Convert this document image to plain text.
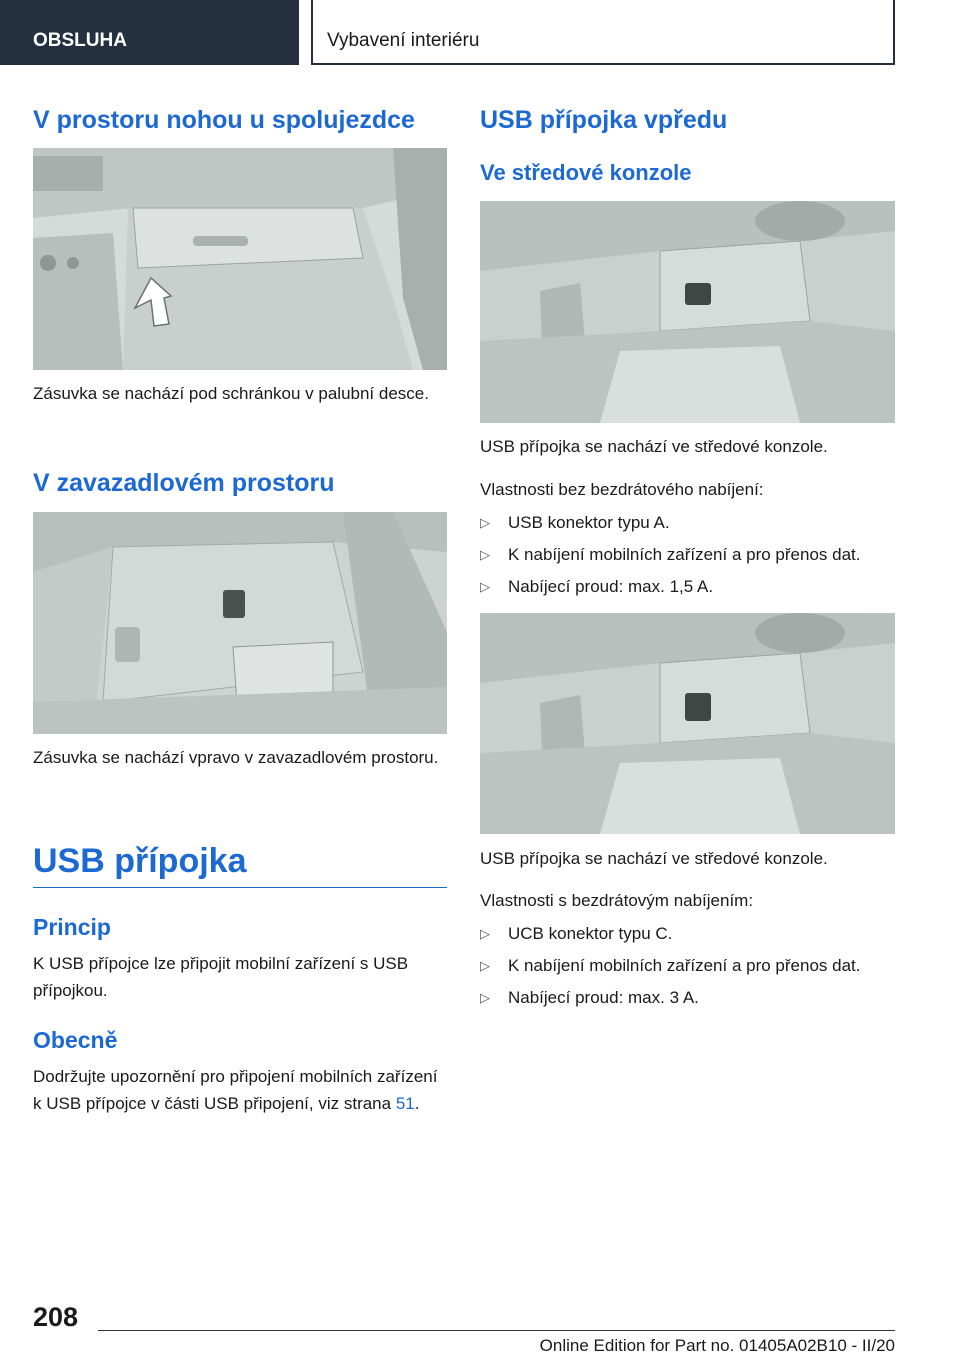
OBSLUHA	Vybavení interiéru
V prostoru nohou u spolujezdce

Zásuvka se nachází pod schránkou v palubní desce.

V zavazadlovém prostoru

Zásuvka se nachází vpravo v zavazadlovém prostoru.

USB přípojka
Princip

K USB přípojce lze připojit mobilní zařízení s USB přípojkou.

Obecně

Dodržujte upozornění pro připojení mobilních zařízení k USB přípojce v části USB připojení, viz strana 51.

USB přípojka vpředu
Ve středové konzole

USB přípojka se nachází ve středové konzole.

Vlastnosti bez bezdrátového nabíjení:

▷ USB konektor typu A.
▷ K nabíjení mobilních zařízení a pro přenos dat.
▷ Nabíjecí proud: max. 1,5 A.

USB přípojka se nachází ve středové konzole.

Vlastnosti s bezdrátovým nabíjením:

▷ UCB konektor typu C.
▷ K nabíjení mobilních zařízení a pro přenos dat.
▷ Nabíjecí proud: max. 3 A.
208
Online Edition for Part no. 01405A02B10 - II/20
